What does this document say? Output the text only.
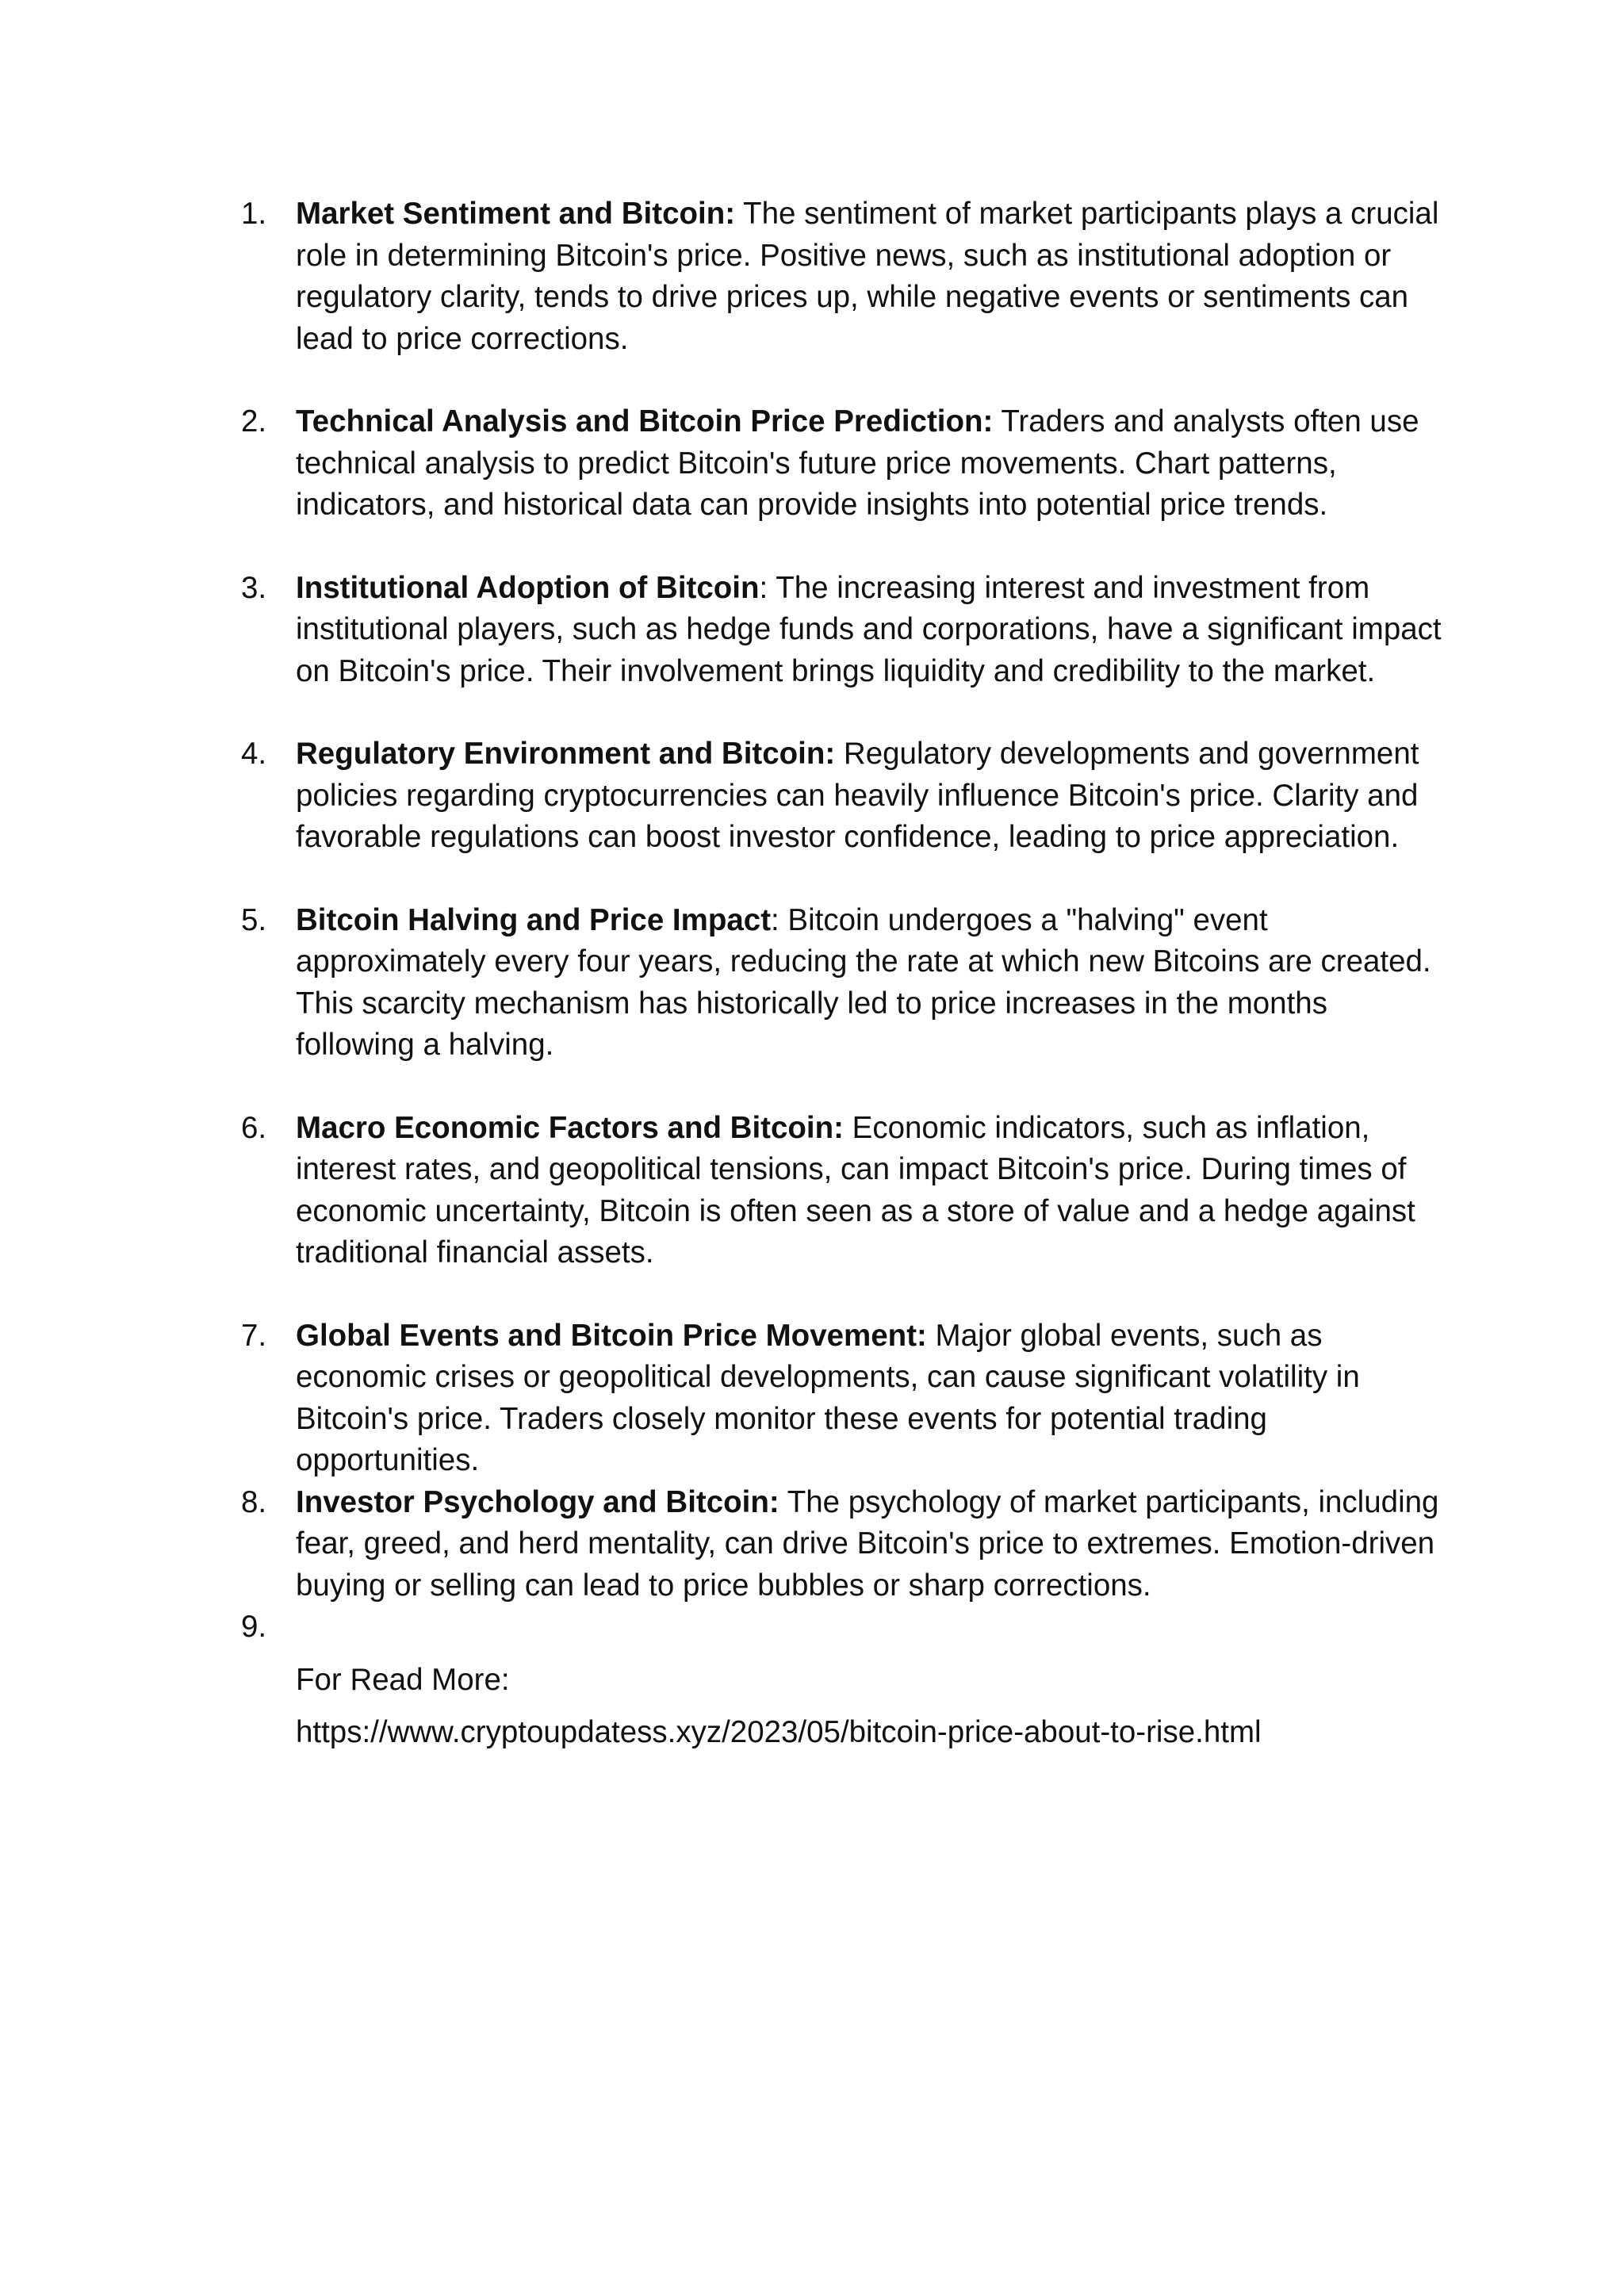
1. Market Sentiment and Bitcoin: The sentiment of market participants plays a crucial role in determining Bitcoin's price. Positive news, such as institutional adoption or regulatory clarity, tends to drive prices up, while negative events or sentiments can lead to price corrections.
2. Technical Analysis and Bitcoin Price Prediction: Traders and analysts often use technical analysis to predict Bitcoin's future price movements. Chart patterns, indicators, and historical data can provide insights into potential price trends.
3. Institutional Adoption of Bitcoin: The increasing interest and investment from institutional players, such as hedge funds and corporations, have a significant impact on Bitcoin's price. Their involvement brings liquidity and credibility to the market.
4. Regulatory Environment and Bitcoin: Regulatory developments and government policies regarding cryptocurrencies can heavily influence Bitcoin's price. Clarity and favorable regulations can boost investor confidence, leading to price appreciation.
5. Bitcoin Halving and Price Impact: Bitcoin undergoes a "halving" event approximately every four years, reducing the rate at which new Bitcoins are created. This scarcity mechanism has historically led to price increases in the months following a halving.
6. Macro Economic Factors and Bitcoin: Economic indicators, such as inflation, interest rates, and geopolitical tensions, can impact Bitcoin's price. During times of economic uncertainty, Bitcoin is often seen as a store of value and a hedge against traditional financial assets.
7. Global Events and Bitcoin Price Movement: Major global events, such as economic crises or geopolitical developments, can cause significant volatility in Bitcoin's price. Traders closely monitor these events for potential trading opportunities.
8. Investor Psychology and Bitcoin: The psychology of market participants, including fear, greed, and herd mentality, can drive Bitcoin's price to extremes. Emotion-driven buying or selling can lead to price bubbles or sharp corrections.
9.

For Read More:
https://www.cryptoupdatess.xyz/2023/05/bitcoin-price-about-to-rise.html
